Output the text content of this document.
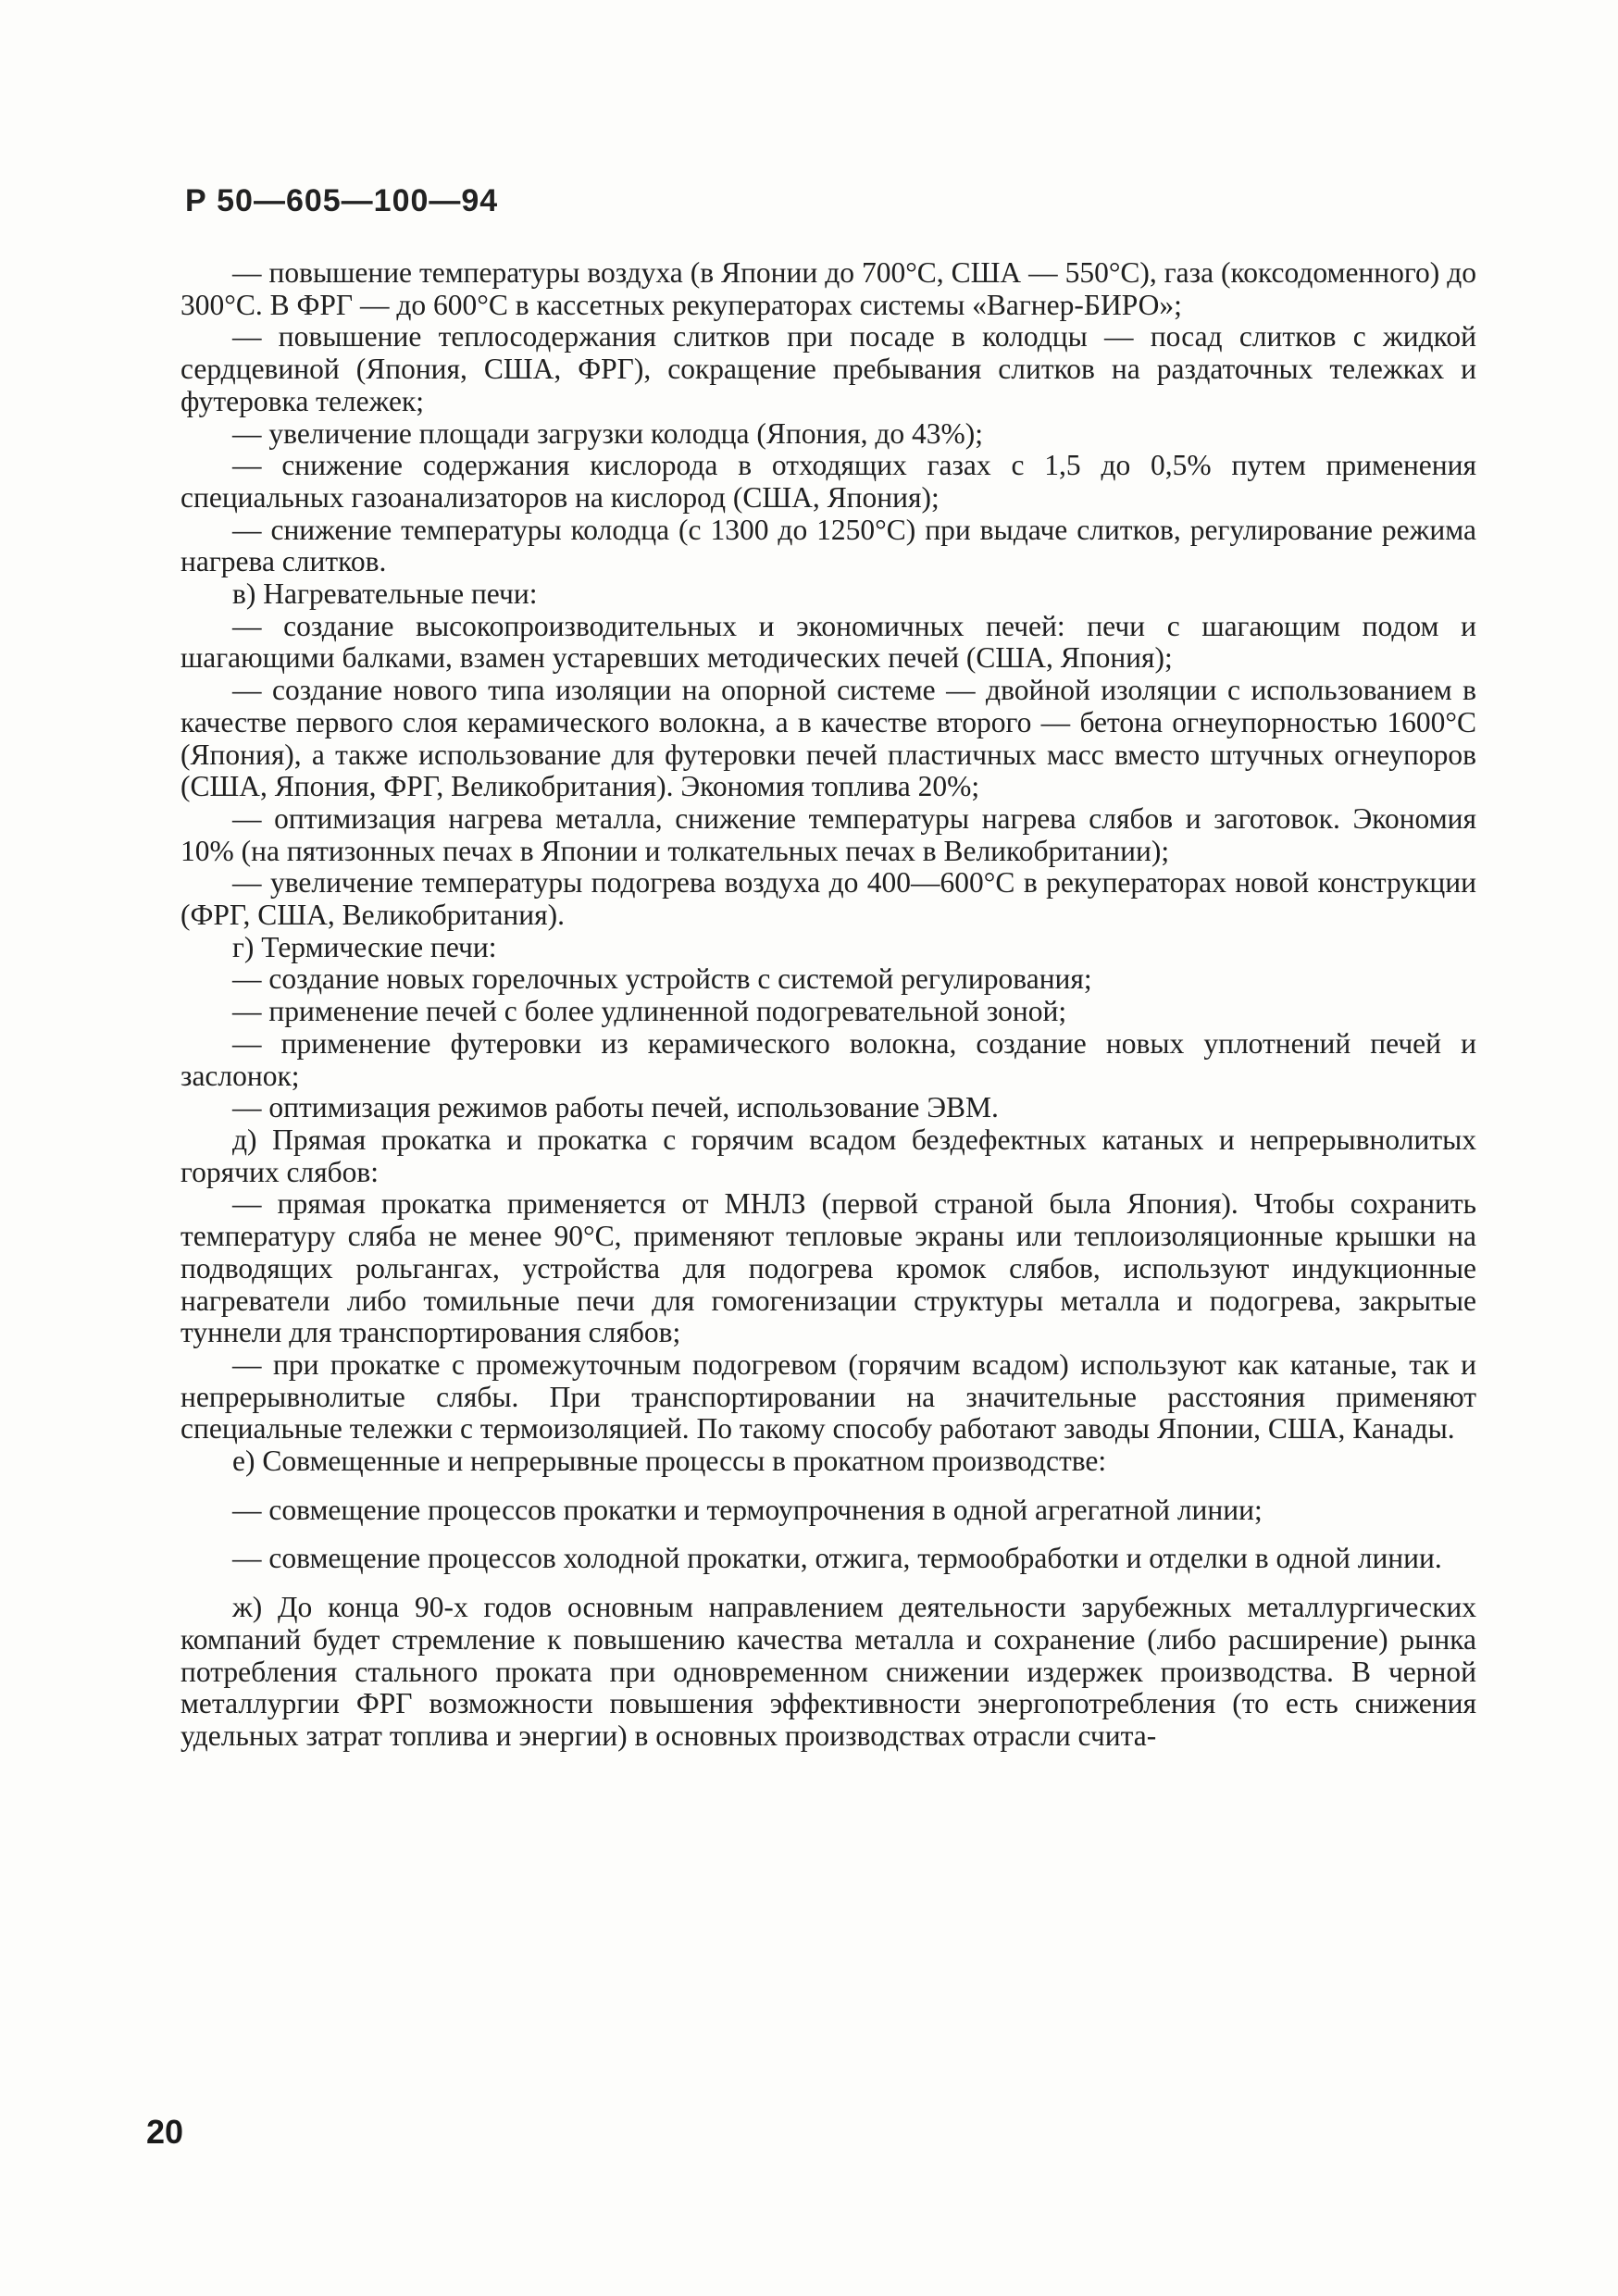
Р 50—605—100—94

— повышение температуры воздуха (в Японии до 700°С, США — 550°С), газа (коксодоменного) до 300°С. В ФРГ — до 600°С в кассетных рекуператорах системы «Вагнер-БИРО»;

— повышение теплосодержания слитков при посаде в колодцы — посад слитков с жидкой сердцевиной (Япония, США, ФРГ), сокращение пребывания слитков на раздаточных тележках и футеровка тележек;

— увеличение площади загрузки колодца (Япония, до 43%);

— снижение содержания кислорода в отходящих газах с 1,5 до 0,5% путем применения специальных газоанализаторов на кислород (США, Япония);

— снижение температуры колодца (с 1300 до 1250°С) при выдаче слитков, регулирование режима нагрева слитков.

в) Нагревательные печи:

— создание высокопроизводительных и экономичных печей: печи с шагающим подом и шагающими балками, взамен устаревших методических печей (США, Япония);

— создание нового типа изоляции на опорной системе — двойной изоляции с использованием в качестве первого слоя керамического волокна, а в качестве второго — бетона огнеупорностью 1600°С (Япония), а также использование для футеровки печей пластичных масс вместо штучных огнеупоров (США, Япония, ФРГ, Великобритания). Экономия топлива 20%;

— оптимизация нагрева металла, снижение температуры нагрева слябов и заготовок. Экономия 10% (на пятизонных печах в Японии и толкательных печах в Великобритании);

— увеличение температуры подогрева воздуха до 400—600°С в рекуператорах новой конструкции (ФРГ, США, Великобритания).

г) Термические печи:

— создание новых горелочных устройств с системой регулирования;

— применение печей с более удлиненной подогревательной зоной;

— применение футеровки из керамического волокна, создание новых уплотнений печей и заслонок;

— оптимизация режимов работы печей, использование ЭВМ.

д) Прямая прокатка и прокатка с горячим всадом бездефектных катаных и непрерывнолитых горячих слябов:

— прямая прокатка применяется от МНЛЗ (первой страной была Япония). Чтобы сохранить температуру сляба не менее 90°С, применяют тепловые экраны или теплоизоляционные крышки на подводящих рольгангах, устройства для подогрева кромок слябов, используют индукционные нагреватели либо томильные печи для гомогенизации структуры металла и подогрева, закрытые туннели для транспортирования слябов;

— при прокатке с промежуточным подогревом (горячим всадом) используют как катаные, так и непрерывнолитые слябы. При транспортировании на значительные расстояния применяют специальные тележки с термоизоляцией. По такому способу работают заводы Японии, США, Канады.

е) Совмещенные и непрерывные процессы в прокатном производстве:

— совмещение процессов прокатки и термоупрочнения в одной агрегатной линии;

— совмещение процессов холодной прокатки, отжига, термообработки и отделки в одной линии.

ж) До конца 90-х годов основным направлением деятельности зарубежных металлургических компаний будет стремление к повышению качества металла и сохранение (либо расширение) рынка потребления стального проката при одновременном снижении издержек производства. В черной металлургии ФРГ возможности повышения эффективности энергопотребления (то есть снижения удельных затрат топлива и энергии) в основных производствах отрасли счита-

20
